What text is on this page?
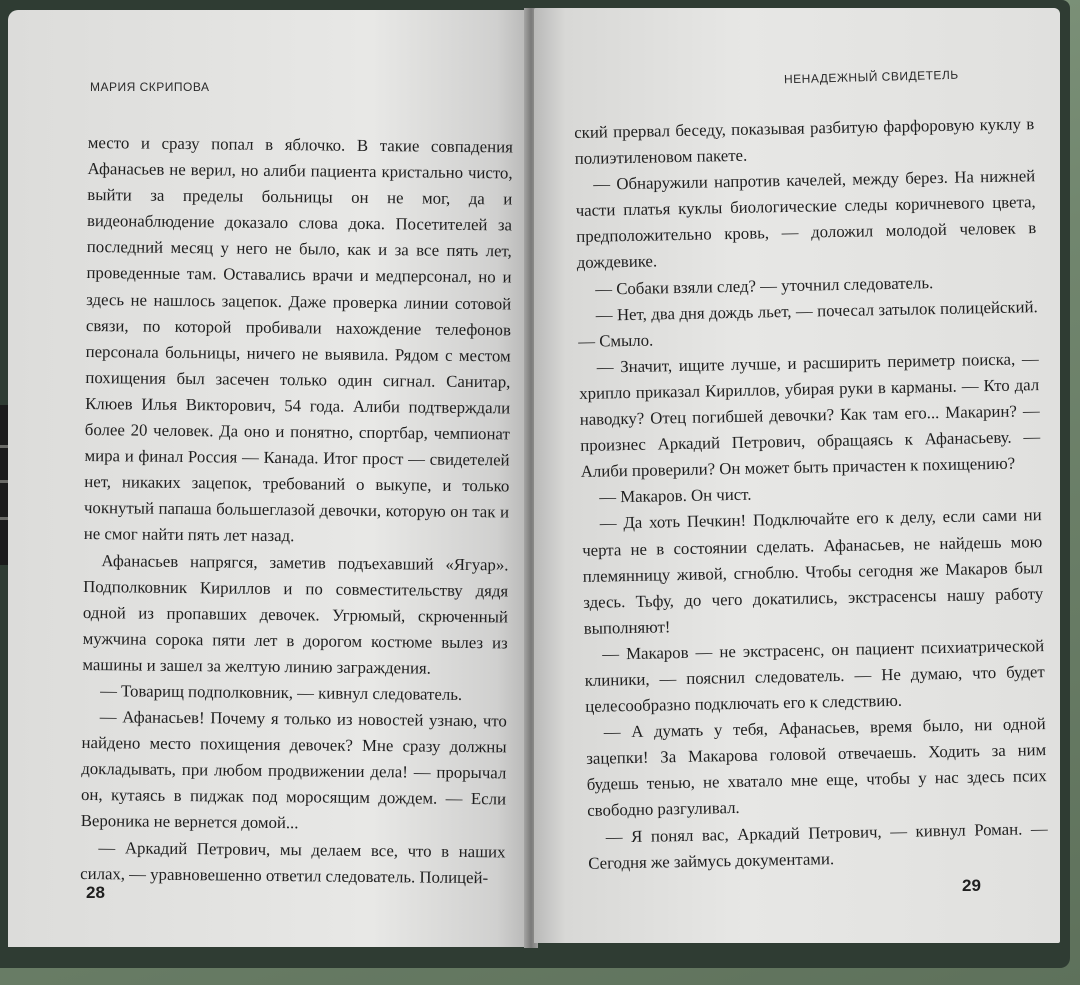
МАРИЯ СКРИПОВА

место и сразу попал в яблочко. В такие совпадения Афанасьев не верил, но алиби пациента кристально чисто, выйти за пределы больницы он не мог, да и видеонаблюдение доказало слова дока. Посетителей за последний месяц у него не было, как и за все пять лет, проведенные там. Оставались врачи и медперсонал, но и здесь не нашлось зацепок. Даже проверка линии сотовой связи, по которой пробивали нахождение телефонов персонала больницы, ничего не выявила. Рядом с местом похищения был засечен только один сигнал. Санитар, Клюев Илья Викторович, 54 года. Алиби подтверждали более 20 человек. Да оно и понятно, спортбар, чемпионат мира и финал Россия — Канада. Итог прост — свидетелей нет, никаких зацепок, требований о выкупе, и только чокнутый папаша большеглазой девочки, которую он так и не смог найти пять лет назад.

Афанасьев напрягся, заметив подъехавший «Ягуар». Подполковник Кириллов и по совместительству дядя одной из пропавших девочек. Угрюмый, скрюченный мужчина сорока пяти лет в дорогом костюме вылез из машины и зашел за желтую линию заграждения.

— Товарищ подполковник, — кивнул следователь.

— Афанасьев! Почему я только из новостей узнаю, что найдено место похищения девочек? Мне сразу должны докладывать, при любом продвижении дела! — прорычал он, кутаясь в пиджак под моросящим дождем. — Если Вероника не вернется домой...

— Аркадий Петрович, мы делаем все, что в наших силах, — уравновешенно ответил следователь. Полицей-

28
НЕНАДЕЖНЫЙ СВИДЕТЕЛЬ

ский прервал беседу, показывая разбитую фарфоровую куклу в полиэтиленовом пакете.

— Обнаружили напротив качелей, между берез. На нижней части платья куклы биологические следы коричневого цвета, предположительно кровь, — доложил молодой человек в дождевике.

— Собаки взяли след? — уточнил следователь.

— Нет, два дня дождь льет, — почесал затылок полицейский. — Смыло.

— Значит, ищите лучше, и расширить периметр поиска, — хрипло приказал Кириллов, убирая руки в карманы. — Кто дал наводку? Отец погибшей девочки? Как там его... Макарин? — произнес Аркадий Петрович, обращаясь к Афанасьеву. — Алиби проверили? Он может быть причастен к похищению?

— Макаров. Он чист.

— Да хоть Печкин! Подключайте его к делу, если сами ни черта не в состоянии сделать. Афанасьев, не найдешь мою племянницу живой, сгноблю. Чтобы сегодня же Макаров был здесь. Тьфу, до чего докатились, экстрасенсы нашу работу выполняют!

— Макаров — не экстрасенс, он пациент психиатрической клиники, — пояснил следователь. — Не думаю, что будет целесообразно подключать его к следствию.

— А думать у тебя, Афанасьев, время было, ни одной зацепки! За Макарова головой отвечаешь. Ходить за ним будешь тенью, не хватало мне еще, чтобы у нас здесь псих свободно разгуливал.

— Я понял вас, Аркадий Петрович, — кивнул Роман. — Сегодня же займусь документами.

29
